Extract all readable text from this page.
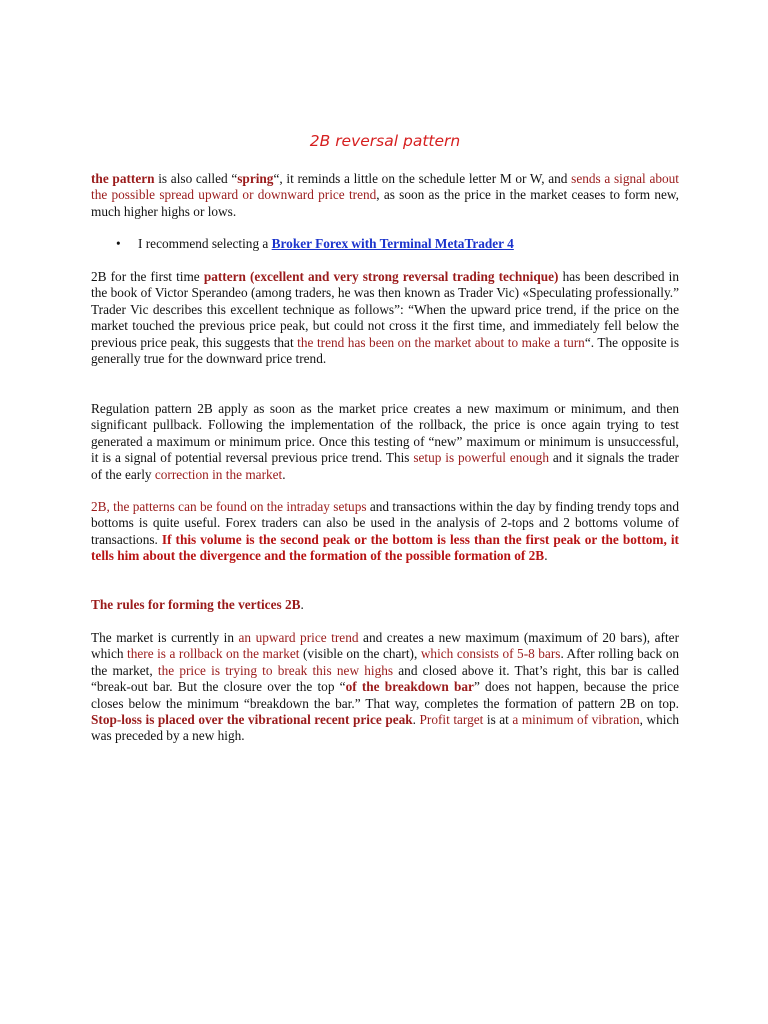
2B reversal pattern

the pattern is also called “spring“, it reminds a little on the schedule letter M or W, and sends a signal about the possible spread upward or downward price trend, as soon as the price in the market ceases to form new, much higher highs or lows.

• I recommend selecting a Broker Forex with Terminal MetaTrader 4

2B for the first time pattern (excellent and very strong reversal trading technique) has been described in the book of Victor Sperandeo (among traders, he was then known as Trader Vic) «Speculating professionally.” Trader Vic describes this excellent technique as follows”: “When the upward price trend, if the price on the market touched the previous price peak, but could not cross it the first time, and immediately fell below the previous price peak, this suggests that the trend has been on the market about to make a turn“. The opposite is generally true for the downward price trend.

Regulation pattern 2B apply as soon as the market price creates a new maximum or minimum, and then significant pullback. Following the implementation of the rollback, the price is once again trying to test generated a maximum or minimum price. Once this testing of “new” maximum or minimum is unsuccessful, it is a signal of potential reversal previous price trend. This setup is powerful enough and it signals the trader of the early correction in the market.

2B, the patterns can be found on the intraday setups and transactions within the day by finding trendy tops and bottoms is quite useful. Forex traders can also be used in the analysis of 2-tops and 2 bottoms volume of transactions. If this volume is the second peak or the bottom is less than the first peak or the bottom, it tells him about the divergence and the formation of the possible formation of 2B.

The rules for forming the vertices 2B.

The market is currently in an upward price trend and creates a new maximum (maximum of 20 bars), after which there is a rollback on the market (visible on the chart), which consists of 5-8 bars. After rolling back on the market, the price is trying to break this new highs and closed above it. That’s right, this bar is called “break-out bar. But the closure over the top “of the breakdown bar” does not happen, because the price closes below the minimum “breakdown the bar.” That way, completes the formation of pattern 2B on top. Stop-loss is placed over the vibrational recent price peak. Profit target is at a minimum of vibration, which was preceded by a new high.
